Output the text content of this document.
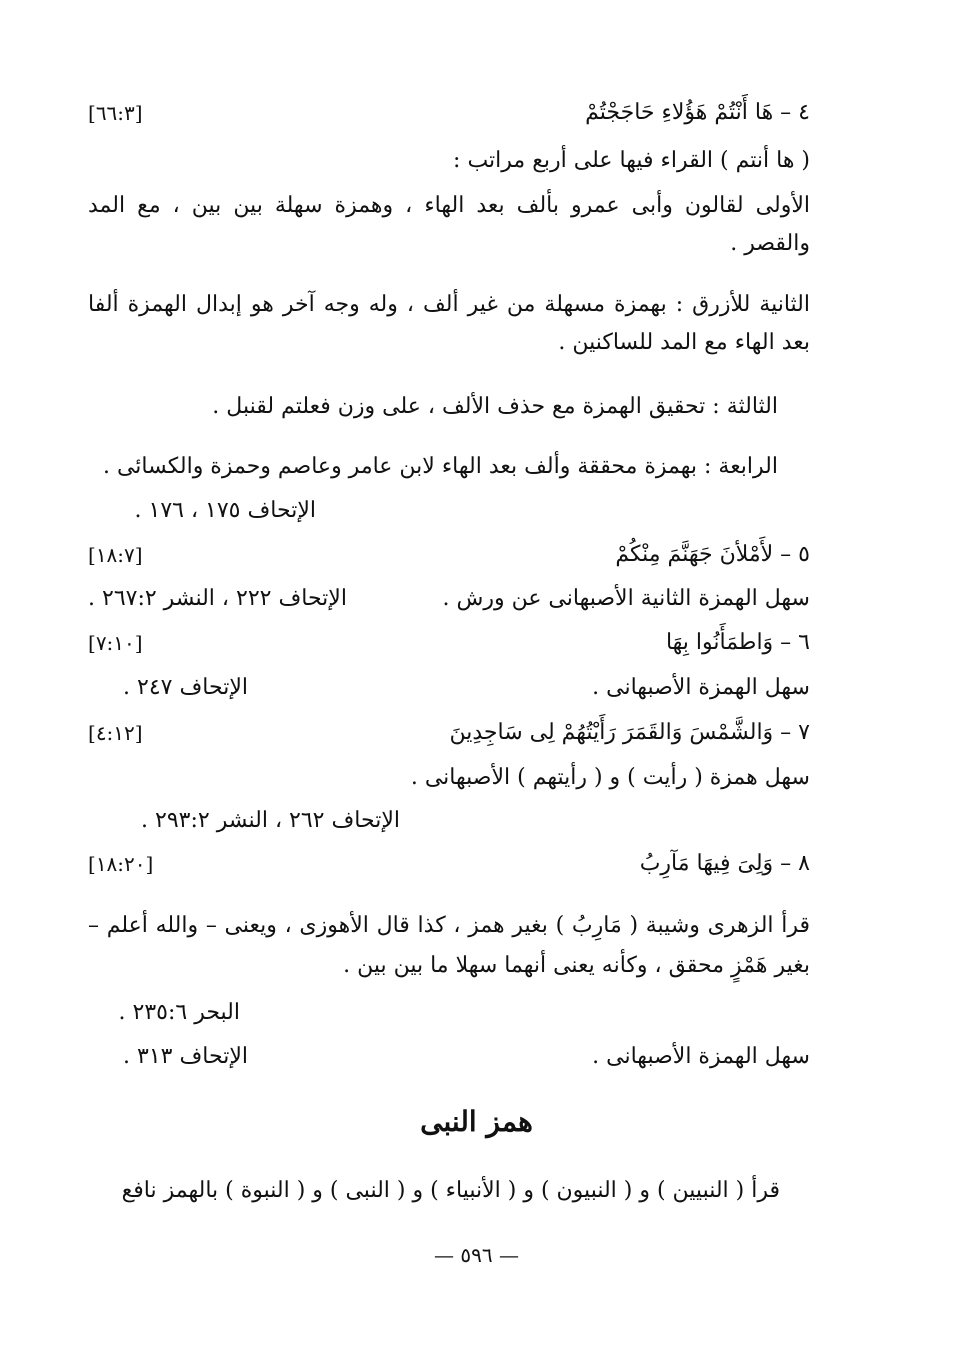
٤ – هَا أَنْتُمْ هَؤُلاءِ حَاجَجْتُمْ
[٦٦:٣]
( ها أنتم ) القراء فيها على أربع مراتب :
الأولى لقالون وأبى عمرو بألف بعد الهاء ، وهمزة سهلة بين بين ، مع المد والقصر .
الثانية للأزرق : بهمزة مسهلة من غير ألف ، وله وجه آخر هو إبدال الهمزة ألفا بعد الهاء مع المد للساكنين .
الثالثة : تحقيق الهمزة مع حذف الألف ، على وزن فعلتم لقنبل .
الرابعة : بهمزة محققة وألف بعد الهاء لابن عامر وعاصم وحمزة والكسائى .
الإتحاف ١٧٥ ، ١٧٦ .
٥ – لأَمْلأنَ جَهَنَّمَ مِنْكُمْ
[١٨:٧]
سهل الهمزة الثانية الأصبهانى عن ورش .
الإتحاف ٢٢٢ ، النشر ٢٦٧:٢ .
٦ – وَاطمَأَنُوا بِهَا
[٧:١٠]
سهل الهمزة الأصبهانى .
الإتحاف ٢٤٧ .
٧ – وَالشَّمْسَ وَالقَمَرَ رَأَيْتُهُمْ لِى سَاجِدِينَ
[٤:١٢]
سهل همزة ( رأيت ) و ( رأيتهم ) الأصبهانى .
الإتحاف ٢٦٢ ، النشر ٢٩٣:٢ .
٨ – وَلِىَ فِيهَا مَآرِبُ
[١٨:٢٠]
قرأ الزهرى وشيبة ( مَارِبُ ) بغير همز ، كذا قال الأهوزى ، ويعنى – والله أعلم – بغير هَمْزٍ محقق ، وكأنه يعنى أنهما سهلا ما بين بين .
البحر ٢٣٥:٦ .
سهل الهمزة الأصبهانى .
الإتحاف ٣١٣ .
همز النبى
قرأ ( النبيين ) و ( النبيون ) و ( الأنبياء ) و ( النبى ) و ( النبوة ) بالهمز نافع
— ٥٩٦ —
